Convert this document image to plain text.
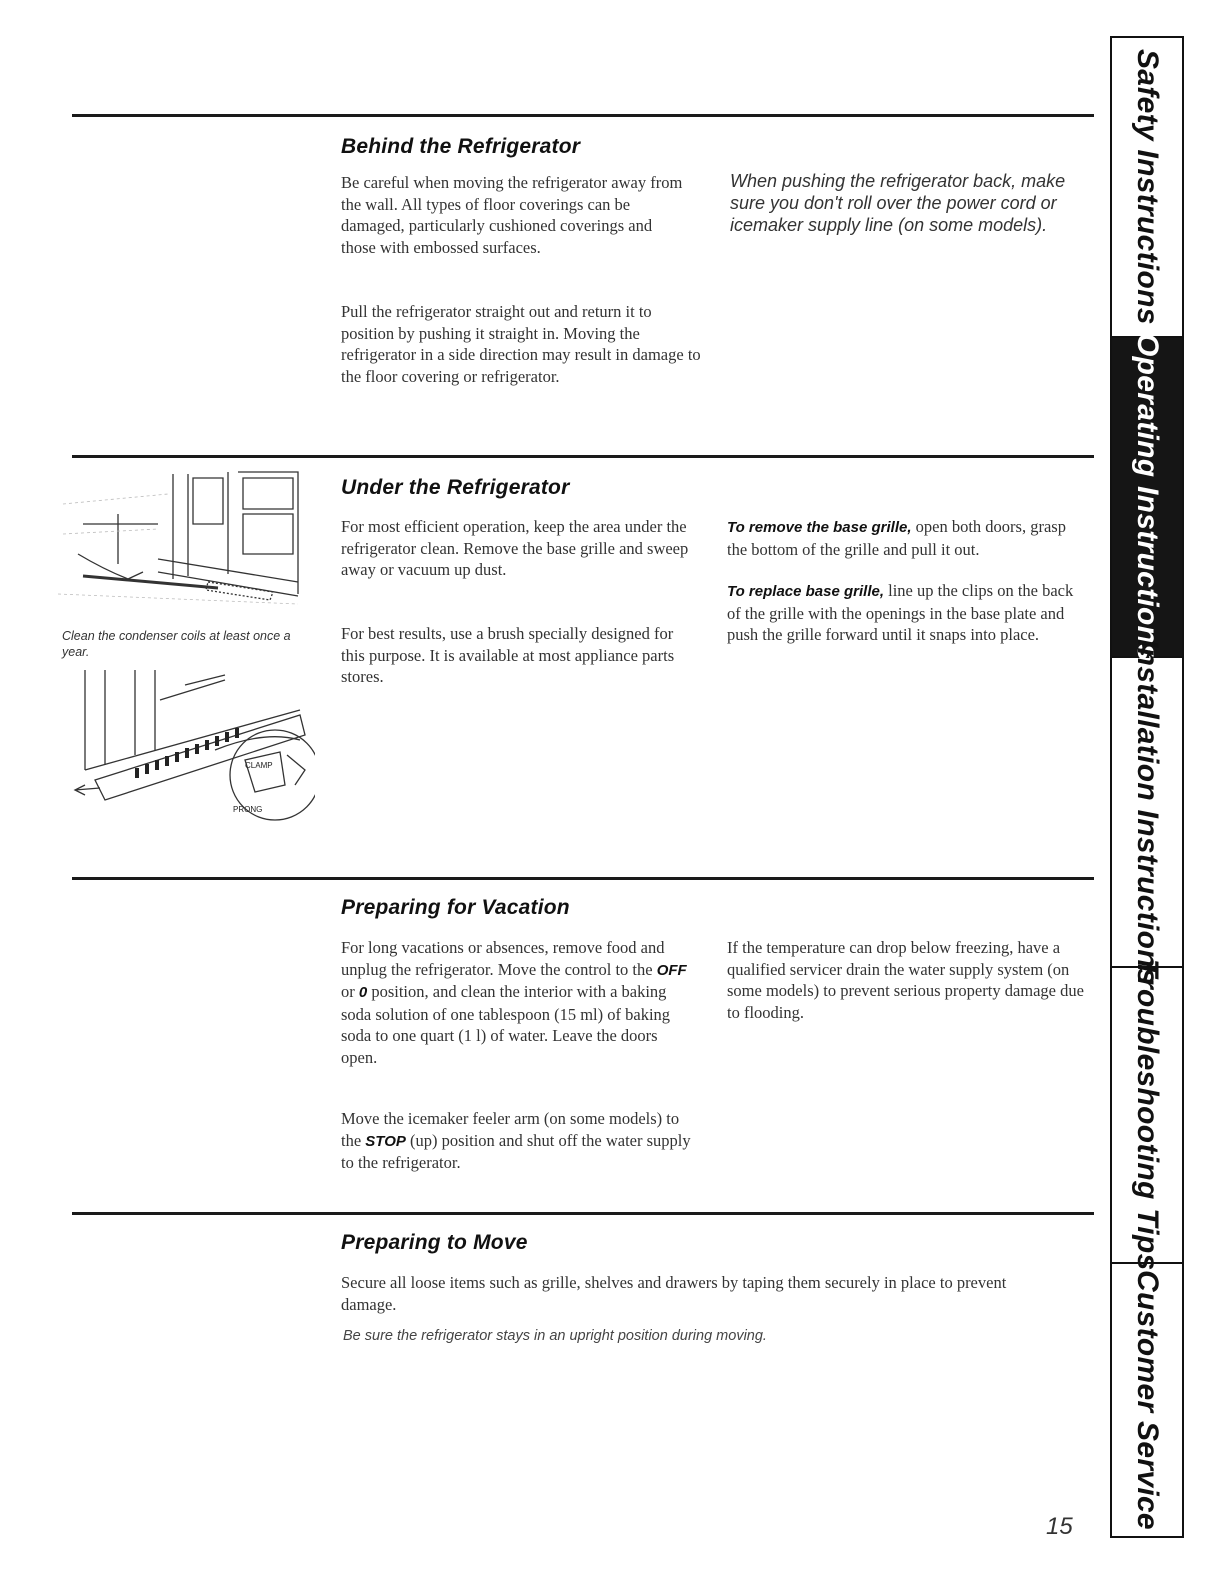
Behind the Refrigerator

Be careful when moving the refrigerator away from the wall. All types of floor coverings can be damaged, particularly cushioned coverings and those with embossed surfaces.

Pull the refrigerator straight out and return it to position by pushing it straight in. Moving the refrigerator in a side direction may result in damage to the floor covering or refrigerator.

When pushing the refrigerator back, make sure you don't roll over the power cord or icemaker supply line (on some models).
Clean the condenser coils at least once a year.
CLAMP
PRONG
Under the Refrigerator

For most efficient operation, keep the area under the refrigerator clean. Remove the base grille and sweep away or vacuum up dust.

For best results, use a brush specially designed for this purpose. It is available at most appliance parts stores.

To remove the base grille, open both doors, grasp the bottom of the grille and pull it out.

To replace base grille, line up the clips on the back of the grille with the openings in the base plate and push the grille forward until it snaps into place.

Preparing for Vacation

For long vacations or absences, remove food and unplug the refrigerator. Move the control to the OFF or 0 position, and clean the interior with a baking soda solution of one tablespoon (15 ml) of baking soda to one quart (1 l) of water. Leave the doors open.

Move the icemaker feeler arm (on some models) to the STOP (up) position and shut off the water supply to the refrigerator.

If the temperature can drop below freezing, have a qualified servicer drain the water supply system (on some models) to prevent serious property damage due to flooding.

Preparing to Move

Secure all loose items such as grille, shelves and drawers by taping them securely in place to prevent damage.

Be sure the refrigerator stays in an upright position during moving.
Safety Instructions
Operating Instructions
Installation Instructions
Troubleshooting Tips
Customer Service
15
